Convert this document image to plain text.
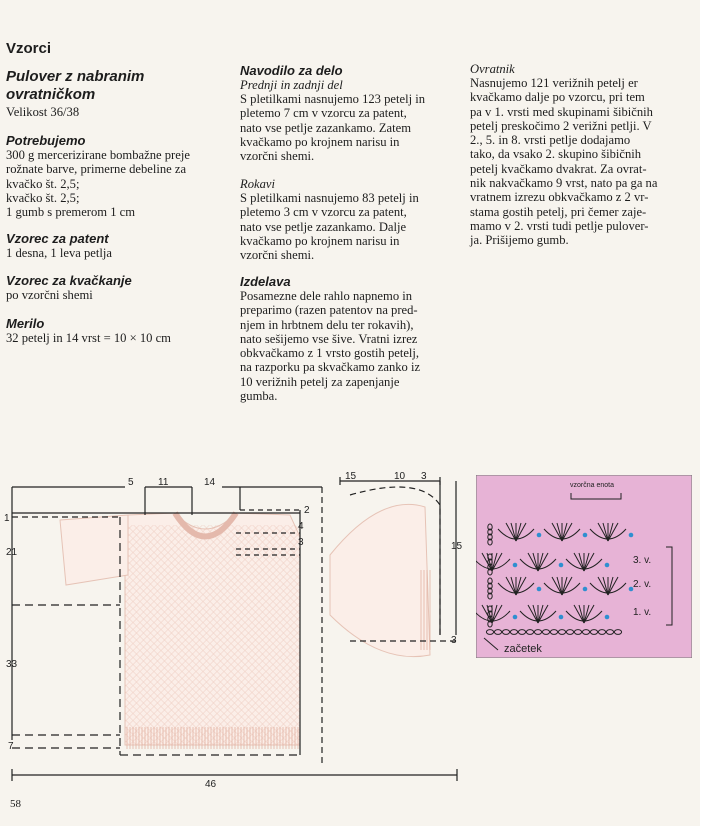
Vzorci
Pulover z nabranim ovratničkom
Velikost 36/38
Potrebujemo
300 g mercerizirane bombažne preje
rožnate barve, primerne debeline za
kvačko št. 2,5;
kvačko št. 2,5;
1 gumb s premerom 1 cm
Vzorec za patent
1 desna, 1 leva petlja
Vzorec za kvačkanje
po vzorčni shemi
Merilo
32 petelj in 14 vrst = 10 × 10 cm
Navodilo za delo
Prednji in zadnji del
S pletilkami nasnujemo 123 petelj in
pletemo 7 cm v vzorcu za patent,
nato vse petlje zazankamo. Zatem
kvačkamo po krojnem narisu in
vzorčni shemi.
Rokavi
S pletilkami nasnujemo 83 petelj in
pletemo 3 cm v vzorcu za patent,
nato vse petlje zazankamo. Dalje
kvačkamo po krojnem narisu in
vzorčni shemi.
Izdelava
Posamezne dele rahlo napnemo in
preparimo (razen patentov na pred-
njem in hrbtnem delu ter rokavih),
nato sešijemo vse šive. Vratni izrez
obkvačkamo z 1 vrsto gostih petelj,
na razporku pa skvačkamo zanko iz
10 verižnih petelj za zapenjanje
gumba.
Ovratnik
Nasnujemo 121 verižnih petelj er
kvačkamo dalje po vzorcu, pri tem
pa v 1. vrsti med skupinami šibičnih
petelj preskočimo 2 verižni petlji. V
2., 5. in 8. vrsti petlje dodajamo
tako, da vsako 2. skupino šibičnih
petelj kvačkamo dvakrat. Za ovrat-
nik nakvačkamo 9 vrst, nato pa ga na
vratnem izrezu obkvačkamo z 2 vr-
stama gostih petelj, pri čemer zaje-
mamo v 2. vrsti tudi petlje pulover-
ja. Prišijemo gumb.
5 11	14
2
4
3
1
21
33
7
46
15	10 3
15
3
vzorčna enota
3. v.
2. v.
1. v.
začetek
58
